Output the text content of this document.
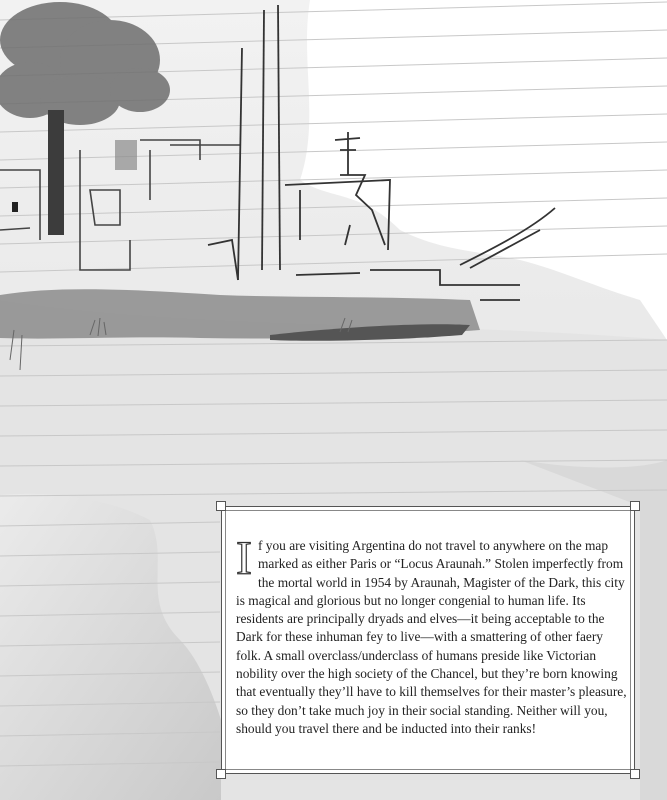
If you are visiting Argentina do not travel to anywhere on the map marked as either Paris or “Locus Araunah.” Stolen imperfectly from the mortal world in 1954 by Araunah, Magister of the Dark, this city is magical and glorious but no longer congenial to human life. Its residents are principally dryads and elves—it being acceptable to the Dark for these inhuman fey to live—with a smattering of other faery folk. A small overclass/underclass of humans preside like Victorian nobility over the high society of the Chancel, but they’re born knowing that eventually they’ll have to kill themselves for their master’s pleasure, so they don’t take much joy in their social standing. Neither will you, should you travel there and be inducted into their ranks!
